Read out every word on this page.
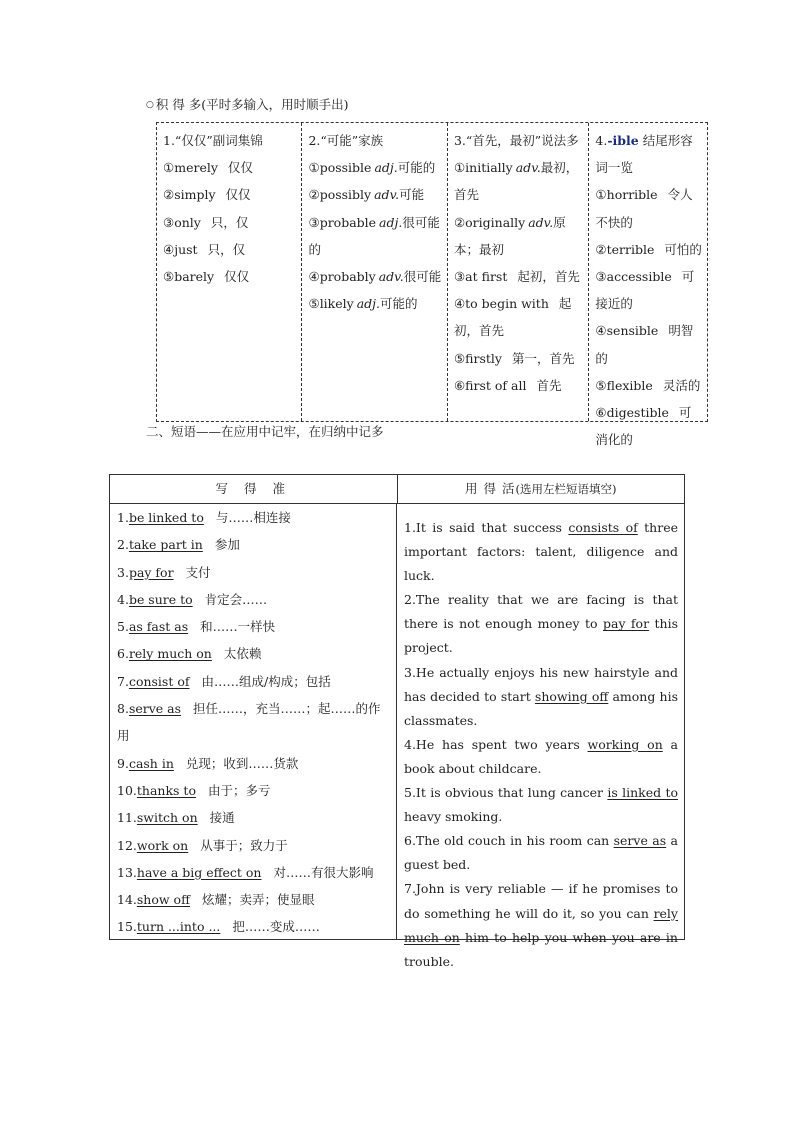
○ 积 得 多(平时多输入，用时顺手出)
1.“仅仅”副词集锦
①merely 仅仅
②simply 仅仅
③only 只，仅
④just 只，仅
⑤barely 仅仅
2.“可能”家族
①possible adj.可能的
②possibly adv.可能
③probable adj.很可能的
④probably adv.很可能
⑤likely adj.可能的
3.“首先，最初”说法多
①initially adv.最初，首先
②originally adv.原本；最初
③at first 起初，首先
④to begin with 起初，首先
⑤firstly 第一，首先
⑥first of all 首先
4.-ible 结尾形容词一览
①horrible 令人不快的
②terrible 可怕的
③accessible 可接近的
④sensible 明智的
⑤flexible 灵活的
⑥digestible 可消化的
二、短语——在应用中记牢，在归纳中记多
写 得 准	用 得 活(选用左栏短语填空)
1.be linked to 与……相连接
2.take part in 参加
3.pay for 支付
4.be sure to 肯定会……
5.as fast as 和……一样快
6.rely much on 太依赖
7.consist of 由……组成/构成；包括
8.serve as 担任……，充当……；起……的作用
9.cash in 兑现；收到……货款
10.thanks to 由于；多亏
11.switch on 接通
12.work on 从事于；致力于
13.have a big effect on 对……有很大影响
14.show off 炫耀；卖弄；使显眼
15.turn ...into ... 把……变成……
1.It is said that success consists of three important factors: talent, diligence and luck.
2.The reality that we are facing is that there is not enough money to pay for this project.
3.He actually enjoys his new hairstyle and has decided to start showing off among his classmates.
4.He has spent two years working on a book about childcare.
5.It is obvious that lung cancer is linked to heavy smoking.
6.The old couch in his room can serve as a guest bed.
7.John is very reliable — if he promises to do something he will do it, so you can rely much on him to help you when you are in trouble.
